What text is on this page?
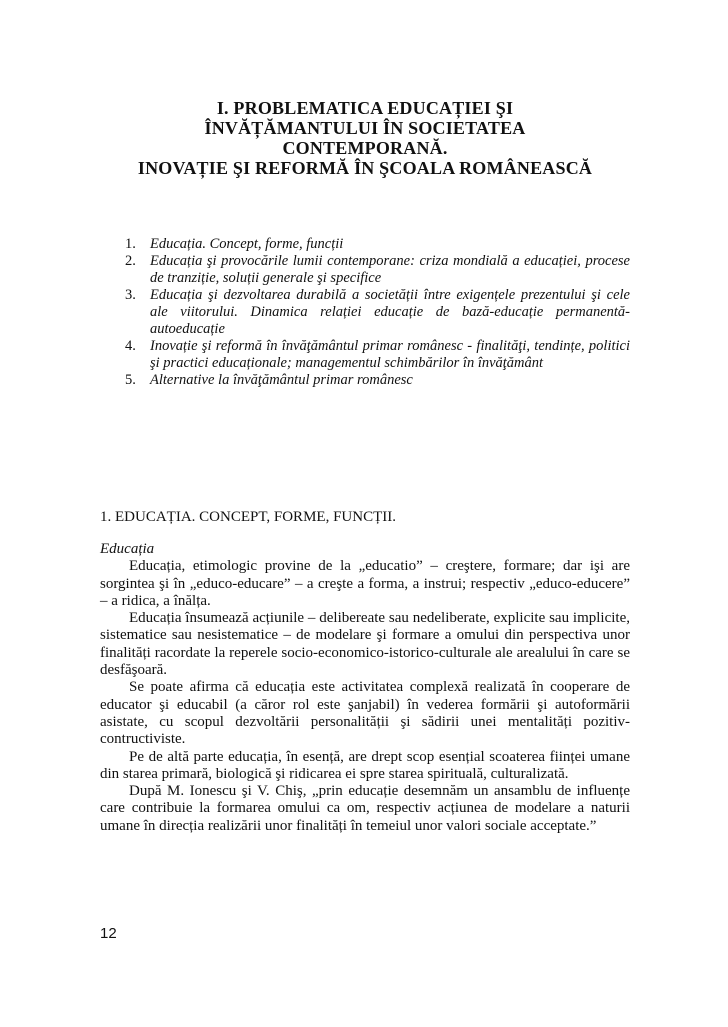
I. PROBLEMATICA EDUCAȚIEI ŞI
ÎNVĂȚĂMANTULUI ÎN SOCIETATEA
CONTEMPORANĂ.
INOVAȚIE ŞI REFORMĂ ÎN ŞCOALA ROMÂNEASCĂ
1. Educația. Concept, forme, funcții
2. Educația şi provocările lumii contemporane: criza mondială a educației, procese de tranziție, soluții generale şi specifice
3. Educația şi dezvoltarea durabilă a societății între exigențele prezentului şi cele ale viitorului. Dinamica relației educație de bază-educație permanentă-autoeducație
4. Inovație şi reformă în învăţământul primar românesc - finalităţi, tendințe, politici şi practici educaționale; managementul schimbărilor în învăţământ
5. Alternative la învăţământul primar românesc
1. EDUCAȚIA. CONCEPT, FORME, FUNCȚII.
Educația

Educația, etimologic provine de la „educatio” – creştere, formare; dar işi are sorgintea şi în „educo-educare” – a creşte a forma, a instrui; respectiv „educo-educere” – a ridica, a înălța.

Educația însumează acțiunile – delibereate sau nedeliberate, explicite sau implicite, sistematice sau nesistematice – de modelare şi formare a omului din perspectiva unor finalități racordate la reperele socio-economico-istorico-culturale ale arealului în care se desfăşoară.

Se poate afirma că educația este activitatea complexă realizată în cooperare de educator şi educabil (a căror rol este şanjabil) în vederea formării şi autoformării asistate, cu scopul dezvoltării personalității şi sădirii unei mentalități pozitiv-contructiviste.

Pe de altă parte educația, în esență, are drept scop esențial scoaterea ființei umane din starea primară, biologică şi ridicarea ei spre starea spirituală, culturalizată.

După M. Ionescu şi V. Chiş, „prin educație desemnăm un ansamblu de influențe care contribuie la formarea omului ca om, respectiv acțiunea de modelare a naturii umane în direcția realizării unor finalități în temeiul unor valori sociale acceptate.”

12
